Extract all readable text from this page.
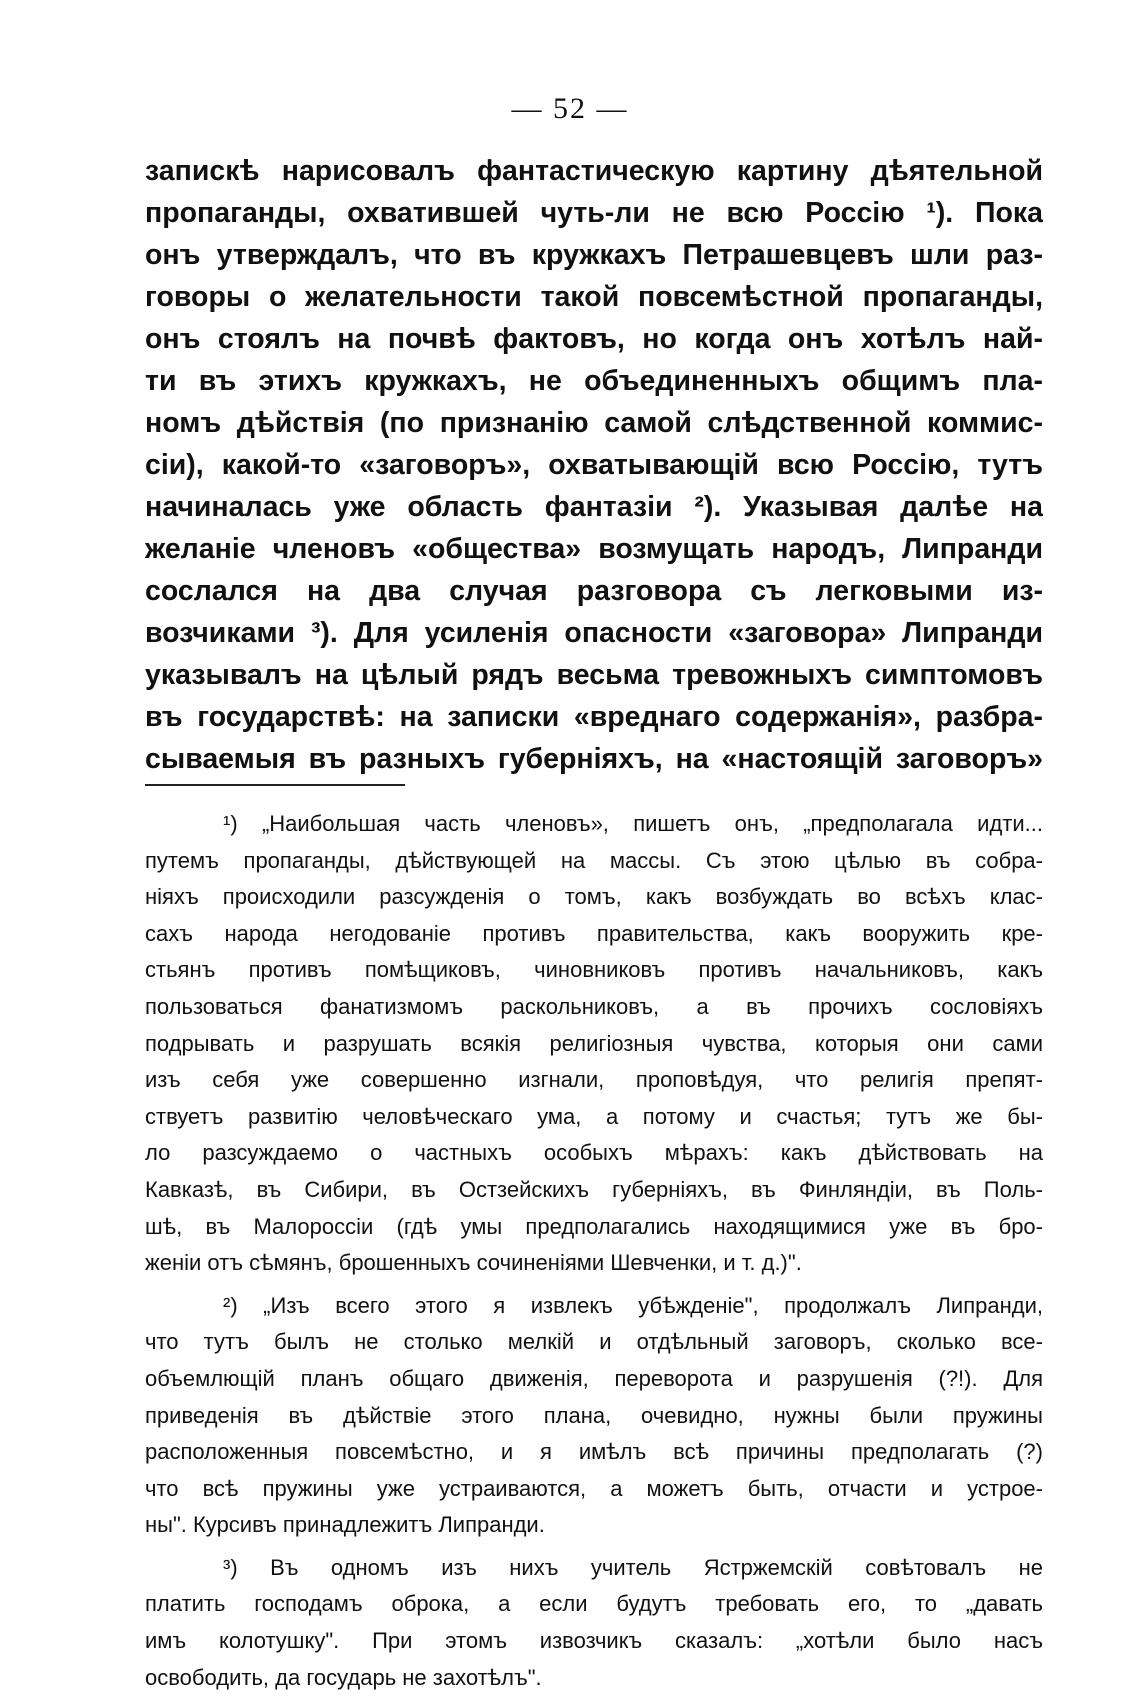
— 52 —
запискѣ нарисовалъ фантастическую картину дѣятельной
пропаганды, охватившей чуть-ли не всю Россiю ¹). Пока
онъ утверждалъ, что въ кружкахъ Петрашевцевъ шли раз-
говоры о желательности такой повсемѣстной пропаганды,
онъ стоялъ на почвѣ фактовъ, но когда онъ хотѣлъ най-
ти въ этихъ кружкахъ, не объединенныхъ общимъ пла-
номъ дѣйствiя (по признанiю самой слѣдственной коммис-
сiи), какой-то «заговоръ», охватывающiй всю Россiю, тутъ
начиналась уже область фантазiи ²). Указывая далѣе на
желанiе членовъ «общества» возмущать народъ, Липранди
сослался на два случая разговора съ легковыми из-
возчиками ³). Для усиленiя опасности «заговора» Липранди
указывалъ на цѣлый рядъ весьма тревожныхъ симптомовъ
въ государствѣ: на записки «вреднаго содержанiя», разбра-
сываемыя въ разныхъ губернiяхъ, на «настоящiй заговоръ»
¹) „Наибольшая часть членовъ», пишетъ онъ, „предполагала идти...
путемъ пропаганды, дѣйствующей на массы. Съ этою цѣлью въ собра-
нiяхъ происходили разсужденiя о томъ, какъ возбуждать во всѣхъ клас-
сахъ народа негодованiе противъ правительства, какъ вооружить кре-
стьянъ противъ помѣщиковъ, чиновниковъ противъ начальниковъ, какъ
пользоваться фанатизмомъ раскольниковъ, а въ прочихъ сословiяхъ
подрывать и разрушать всякiя религiозныя чувства, которыя они сами
изъ себя уже совершенно изгнали, проповѣдуя, что религiя препят-
ствуетъ развитiю человѣческаго ума, а потому и счастья; тутъ же бы-
ло разсуждаемо о частныхъ особыхъ мѣрахъ: какъ дѣйствовать на
Кавказѣ, въ Сибири, въ Остзейскихъ губернiяхъ, въ Финляндiи, въ Поль-
шѣ, въ Малороссiи (гдѣ умы предполагались находящимися уже въ бро-
женiи отъ сѣмянъ, брошенныхъ сочиненiями Шевченки, и т. д.)".
²) „Изъ всего этого я извлекъ убѣжденiе", продолжалъ Липранди,
что тутъ былъ не столько мелкiй и отдѣльный заговоръ, сколько все-
объемлющiй планъ общаго движенiя, переворота и разрушенiя (?!). Для
приведенiя въ дѣйствiе этого плана, очевидно, нужны были пружины
расположенныя повсемѣстно, и я имѣлъ всѣ причины предполагать (?)
что всѣ пружины уже устраиваются, а можетъ быть, отчасти и устрое-
ны". Курсивъ принадлежитъ Липранди.
³) Въ одномъ изъ нихъ учитель Ястржемскiй совѣтовалъ не
платить господамъ оброка, а если будутъ требовать его, то „давать
имъ колотушку". При этомъ извозчикъ сказалъ: „хотѣли было насъ
освободить, да государь не захотѣлъ".
